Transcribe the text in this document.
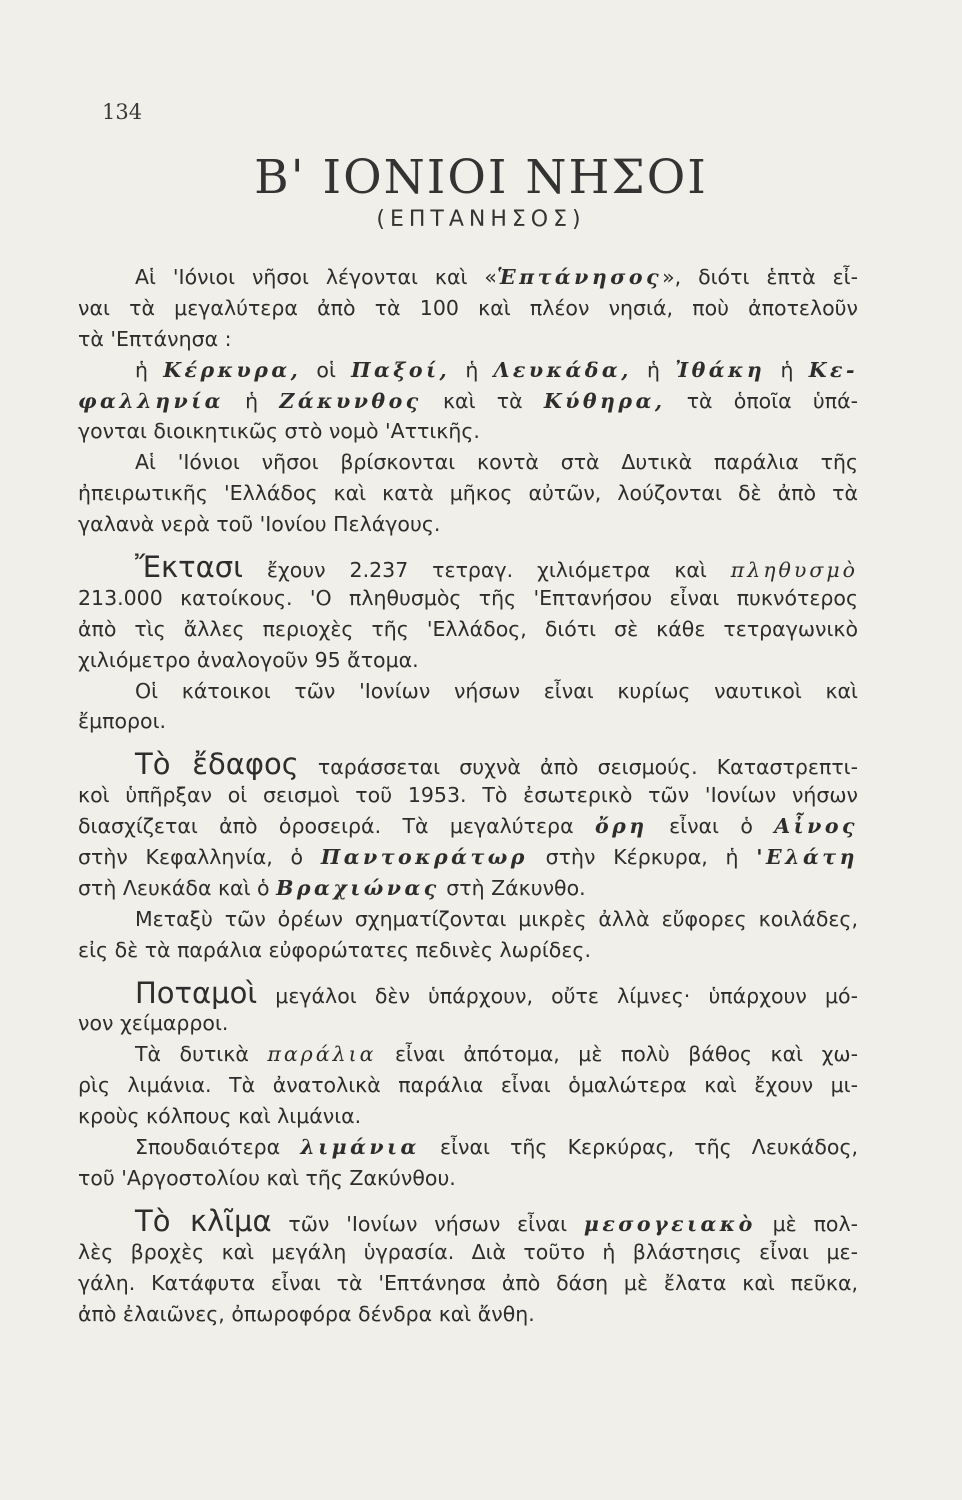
134
Β' ΙΟΝΙΟΙ ΝΗΣΟΙ
(ΕΠΤΑΝΗΣΟΣ)
Αἱ 'Ιόνιοι νῆσοι λέγονται καὶ «Ἑπτάνησος», διότι ἑπτὰ εἶ-
ναι τὰ μεγαλύτερα ἀπὸ τὰ 100 καὶ πλέον νησιά, ποὺ ἀποτελοῦν
τὰ 'Επτάνησα :
ἡ Κέρκυρα, οἱ Παξοί, ἡ Λευκάδα, ἡ Ἰθάκη ἡ Κε-
φαλληνία ἡ Ζάκυνθος καὶ τὰ Κύθηρα, τὰ ὁποῖα ὑπά-
γονται διοικητικῶς στὸ νομὸ 'Αττικῆς.
Αἱ 'Ιόνιοι νῆσοι βρίσκονται κοντὰ στὰ Δυτικὰ παράλια τῆς
ἠπειρωτικῆς 'Ελλάδος καὶ κατὰ μῆκος αὐτῶν, λούζονται δὲ ἀπὸ τὰ
γαλανὰ νερὰ τοῦ 'Ιονίου Πελάγους.
Ἔκτασι ἔχουν 2.237 τετραγ. χιλιόμετρα καὶ πληθυσμὸ
213.000 κατοίκους. 'Ο πληθυσμὸς τῆς 'Επτανήσου εἶναι πυκνότερος
ἀπὸ τὶς ἄλλες περιοχὲς τῆς 'Ελλάδος, διότι σὲ κάθε τετραγωνικὸ
χιλιόμετρο ἀναλογοῦν 95 ἄτομα.
Οἱ κάτοικοι τῶν 'Ιονίων νήσων εἶναι κυρίως ναυτικοὶ καὶ
ἔμποροι.
Τὸ ἔδαφος ταράσσεται συχνὰ ἀπὸ σεισμούς. Καταστρεπτι-
κοὶ ὑπῆρξαν οἱ σεισμοὶ τοῦ 1953. Τὸ ἐσωτερικὸ τῶν 'Ιονίων νήσων
διασχίζεται ἀπὸ ὀροσειρά. Τὰ μεγαλύτερα ὄρη εἶναι ὁ Αἶνος
στὴν Κεφαλληνία, ὁ Παντοκράτωρ στὴν Κέρκυρα, ἡ 'Ελάτη
στὴ Λευκάδα καὶ ὁ Βραχιώνας στὴ Ζάκυνθο.
Μεταξὺ τῶν ὀρέων σχηματίζονται μικρὲς ἀλλὰ εὔφορες κοιλάδες,
εἰς δὲ τὰ παράλια εὐφορώτατες πεδινὲς λωρίδες.
Ποταμοὶ μεγάλοι δὲν ὑπάρχουν, οὔτε λίμνες· ὑπάρχουν μό-
νον χείμαρροι.
Τὰ δυτικὰ παράλια εἶναι ἀπότομα, μὲ πολὺ βάθος καὶ χω-
ρὶς λιμάνια. Τὰ ἀνατολικὰ παράλια εἶναι ὁμαλώτερα καὶ ἔχουν μι-
κροὺς κόλπους καὶ λιμάνια.
Σπουδαιότερα λιμάνια εἶναι τῆς Κερκύρας, τῆς Λευκάδος,
τοῦ 'Αργοστολίου καὶ τῆς Ζακύνθου.
Τὸ κλῖμα τῶν 'Ιονίων νήσων εἶναι μεσογειακὸ μὲ πολ-
λὲς βροχὲς καὶ μεγάλη ὑγρασία. Διὰ τοῦτο ἡ βλάστησις εἶναι με-
γάλη. Κατάφυτα εἶναι τὰ 'Επτάνησα ἀπὸ δάση μὲ ἔλατα καὶ πεῦκα,
ἀπὸ ἐλαιῶνες, ὀπωροφόρα δένδρα καὶ ἄνθη.
